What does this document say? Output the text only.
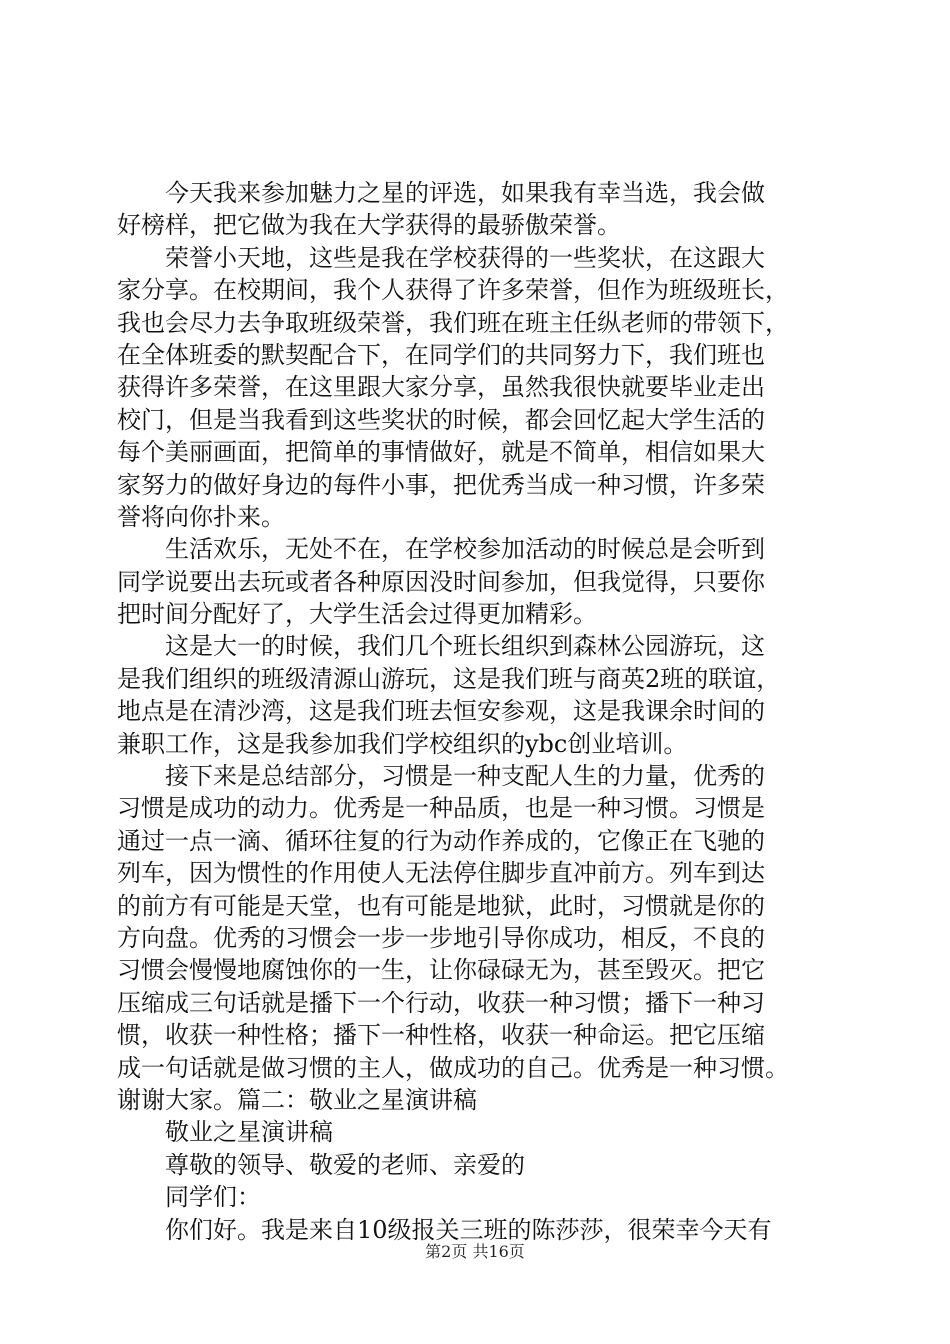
　　今天我来参加魅力之星的评选，如果我有幸当选，我会做
好榜样，把它做为我在大学获得的最骄傲荣誉。
　　荣誉小天地，这些是我在学校获得的一些奖状，在这跟大
家分享。在校期间，我个人获得了许多荣誉，但作为班级班长，
我也会尽力去争取班级荣誉，我们班在班主任纵老师的带领下，
在全体班委的默契配合下，在同学们的共同努力下，我们班也
获得许多荣誉，在这里跟大家分享，虽然我很快就要毕业走出
校门，但是当我看到这些奖状的时候，都会回忆起大学生活的
每个美丽画面，把简单的事情做好，就是不简单，相信如果大
家努力的做好身边的每件小事，把优秀当成一种习惯，许多荣
誉将向你扑来。
　　生活欢乐，无处不在，在学校参加活动的时候总是会听到
同学说要出去玩或者各种原因没时间参加，但我觉得，只要你
把时间分配好了，大学生活会过得更加精彩。
　　这是大一的时候，我们几个班长组织到森林公园游玩，这
是我们组织的班级清源山游玩，这是我们班与商英2班的联谊，
地点是在清沙湾，这是我们班去恒安参观，这是我课余时间的
兼职工作，这是我参加我们学校组织的ybc创业培训。
　　接下来是总结部分，习惯是一种支配人生的力量，优秀的
习惯是成功的动力。优秀是一种品质，也是一种习惯。习惯是
通过一点一滴、循环往复的行为动作养成的，它像正在飞驰的
列车，因为惯性的作用使人无法停住脚步直冲前方。列车到达
的前方有可能是天堂，也有可能是地狱，此时，习惯就是你的
方向盘。优秀的习惯会一步一步地引导你成功，相反，不良的
习惯会慢慢地腐蚀你的一生，让你碌碌无为，甚至毁灭。把它
压缩成三句话就是播下一个行动，收获一种习惯；播下一种习
惯，收获一种性格；播下一种性格，收获一种命运。把它压缩
成一句话就是做习惯的主人，做成功的自己。优秀是一种习惯。
谢谢大家。篇二：敬业之星演讲稿
　　敬业之星演讲稿
　　尊敬的领导、敬爱的老师、亲爱的
　　同学们：
　　你们好。我是来自10级报关三班的陈莎莎，很荣幸今天有
第2页 共16页
